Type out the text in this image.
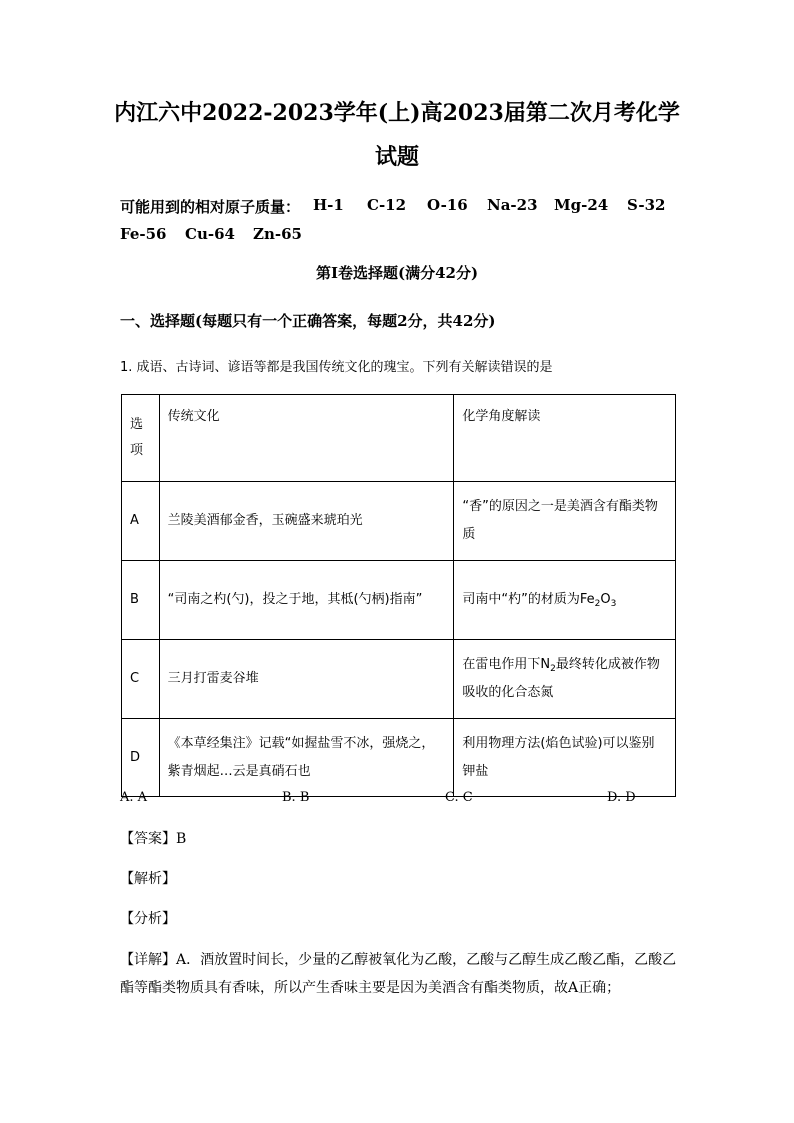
内江六中2022-2023学年(上)高2023届第二次月考化学
试题
可能用到的相对原子质量： H-1 C-12 O-16 Na-23 Mg-24 S-32
Fe-56 Cu-64 Zn-65
第I卷选择题(满分42分)
一、选择题(每题只有一个正确答案，每题2分，共42分)
1. 成语、古诗词、谚语等都是我国传统文化的瑰宝。下列有关解读错误的是
选项	传统文化	化学角度解读
A	兰陵美酒郁金香，玉碗盛来琥珀光	“香”的原因之一是美酒含有酯类物质
B	“司南之杓(勺)，投之于地，其柢(勺柄)指南”	司南中“杓”的材质为$Fe_2O_3$
C	三月打雷麦谷堆	在雷电作用下$N_2$最终转化成被作物吸收的化合态氮
D	《本草经集注》记载“如握盐雪不冰，强烧之，紫青烟起…云是真硝石也	利用物理方法(焰色试验)可以鉴别钾盐
A. A	B. B	C. C	D. D
【答案】B
【解析】
【分析】
【详解】A．酒放置时间长，少量的乙醇被氧化为乙酸，乙酸与乙醇生成乙酸乙酯，乙酸乙酯等酯类物质具有香味，所以产生香味主要是因为美酒含有酯类物质，故A正确；
